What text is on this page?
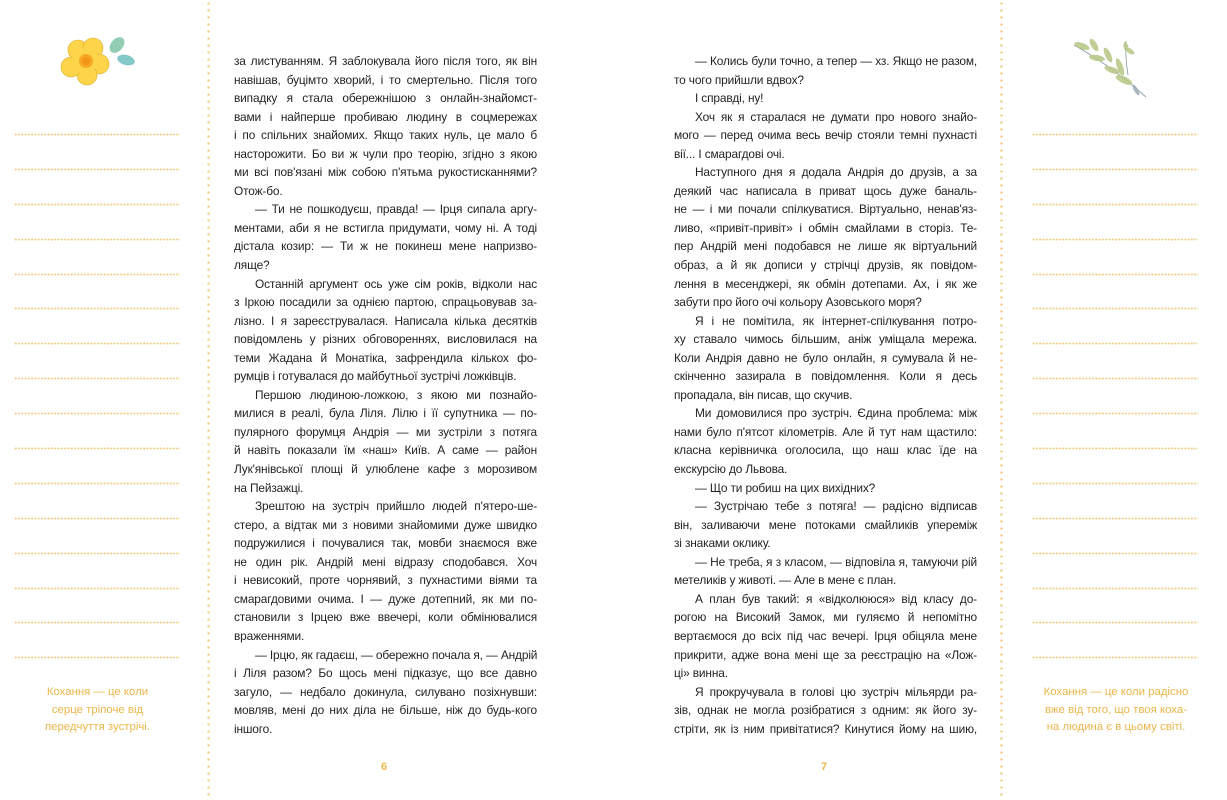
Кохання — це коли
серце тріпоче від
передчуття зустрічі.
за листуванням. Я заблокувала його після того, як він
навішав, буцімто хворий, і то смертельно. Після того
випадку я стала обережнішою з онлайн-знайомст-
вами і найперше пробиваю людину в соцмережах
і по спільних знайомих. Якщо таких нуль, це мало б
насторожити. Бо ви ж чули про теорію, згідно з якою
ми всі пов'язані між собою п'ятьма рукостисканнями?
Отож-бо.
— Ти не пошкодуєш, правда! — Ірця сипала аргу-
ментами, аби я не встигла придумати, чому ні. А тоді
дістала козир: — Ти ж не покинеш мене напризво-
ляще?
Останній аргумент ось уже сім років, відколи нас
з Іркою посадили за однією партою, спрацьовував за-
лізно. І я зареєструвалася. Написала кілька десятків
повідомлень у різних обговореннях, висловилася на
теми Жадана й Монатіка, зафрендила кількох фо-
румців і готувалася до майбутньої зустрічі ложківців.
Першою людиною-ложкою, з якою ми познайо-
милися в реалі, була Ліля. Лілю і її супутника — по-
пулярного форумця Андрія — ми зустріли з потяга
й навіть показали їм «наш» Київ. А саме — район
Лук'янівської площі й улюблене кафе з морозивом
на Пейзажці.
Зрештою на зустріч прийшло людей п'ятеро-ше-
стеро, а відтак ми з новими знайомими дуже швидко
подружилися і почувалися так, мовби знаємося вже
не один рік. Андрій мені відразу сподобався. Хоч
і невисокий, проте чорнявий, з пухнастими віями та
смарагдовими очима. І — дуже дотепний, як ми по-
становили з Ірцею вже ввечері, коли обмінювалися
враженнями.
— Ірцю, як гадаєш, — обережно почала я, — Андрій
і Ліля разом? Бо щось мені підказує, що все давно
загуло, — недбало докинула, силувано позіхнувши:
мовляв, мені до них діла не більше, ніж до будь-кого
іншого.
6
— Колись були точно, а тепер — хз. Якщо не разом,
то чого прийшли вдвох?
І справді, ну!
Хоч як я старалася не думати про нового знайо-
мого — перед очима весь вечір стояли темні пухнасті
вії... І смарагдові очі.
Наступного дня я додала Андрія до друзів, а за
деякий час написала в приват щось дуже баналь-
не — і ми почали спілкуватися. Віртуально, ненав'яз-
ливо, «привіт-привіт» і обмін смайлами в сторіз. Те-
пер Андрій мені подобався не лише як віртуальний
образ, а й як дописи у стрічці друзів, як повідом-
лення в месенджері, як обмін дотепами. Ах, і як же
забути про його очі кольору Азовського моря?
Я і не помітила, як інтернет-спілкування потро-
ху ставало чимось більшим, аніж уміщала мережа.
Коли Андрія давно не було онлайн, я сумувала й не-
скінченно зазирала в повідомлення. Коли я десь
пропадала, він писав, що скучив.
Ми домовилися про зустріч. Єдина проблема: між
нами було п'ятсот кілометрів. Але й тут нам щастило:
класна керівничка оголосила, що наш клас їде на
екскурсію до Львова.
— Що ти робиш на цих вихідних?
— Зустрічаю тебе з потяга! — радісно відписав
він, заливаючи мене потоками смайликів упереміж
зі знаками оклику.
— Не треба, я з класом, — відповіла я, тамуючи рій
метеликів у животі. — Але в мене є план.
А план був такий: я «відколююся» від класу до-
рогою на Високий Замок, ми гуляємо й непомітно
вертаємося до всіх під час вечері. Ірця обіцяла мене
прикрити, адже вона мені ще за реєстрацію на «Лож-
ці» винна.
Я прокручувала в голові цю зустріч мільярди ра-
зів, однак не могла розібратися з одним: як його зу-
стріти, як із ним привітатися? Кинутися йому на шию,
7
Кохання — це коли радісно
вже від того, що твоя коха-
на людина є в цьому світі.
